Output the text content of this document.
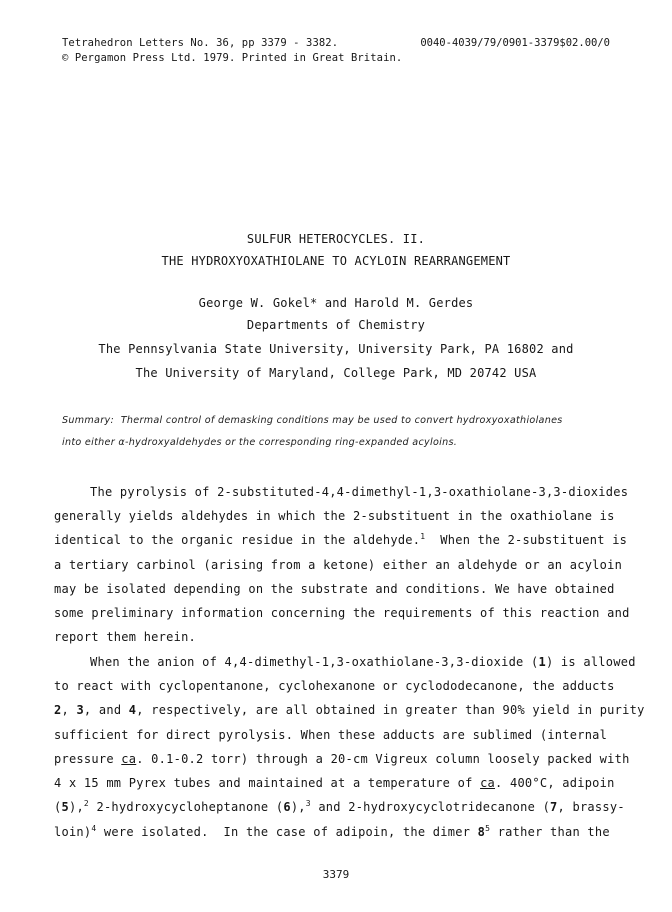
Tetrahedron Letters No. 36, pp 3379 - 3382.
© Pergamon Press Ltd. 1979. Printed in Great Britain.
0040-4039/79/0901-3379$02.00/0
SULFUR HETEROCYCLES. II.
THE HYDROXYOXATHIOLANE TO ACYLOIN REARRANGEMENT
George W. Gokel* and Harold M. Gerdes
Departments of Chemistry
The Pennsylvania State University, University Park, PA 16802 and
The University of Maryland, College Park, MD 20742 USA
Summary: Thermal control of demasking conditions may be used to convert hydroxyoxathiolanes
into either α-hydroxyaldehydes or the corresponding ring-expanded acyloins.
The pyrolysis of 2-substituted-4,4-dimethyl-1,3-oxathiolane-3,3-dioxides
generally yields aldehydes in which the 2-substituent in the oxathiolane is
identical to the organic residue in the aldehyde.$^1$  When the 2-substituent is
a tertiary carbinol (arising from a ketone) either an aldehyde or an acyloin
may be isolated depending on the substrate and conditions. We have obtained
some preliminary information concerning the requirements of this reaction and
report them herein.
When the anion of 4,4-dimethyl-1,3-oxathiolane-3,3-dioxide (1) is allowed
to react with cyclopentanone, cyclohexanone or cyclododecanone, the adducts
2, 3, and 4, respectively, are all obtained in greater than 90% yield in purity
sufficient for direct pyrolysis. When these adducts are sublimed (internal
pressure ca. 0.1-0.2 torr) through a 20-cm Vigreux column loosely packed with
4 x 15 mm Pyrex tubes and maintained at a temperature of ca. 400°C, adipoin
(5),$^2$ 2-hydroxycycloheptanone (6),$^3$ and 2-hydroxycyclotridecanone (7, brassy-
loin)$^4$ were isolated.  In the case of adipoin, the dimer $8^5$ rather than the
3379
